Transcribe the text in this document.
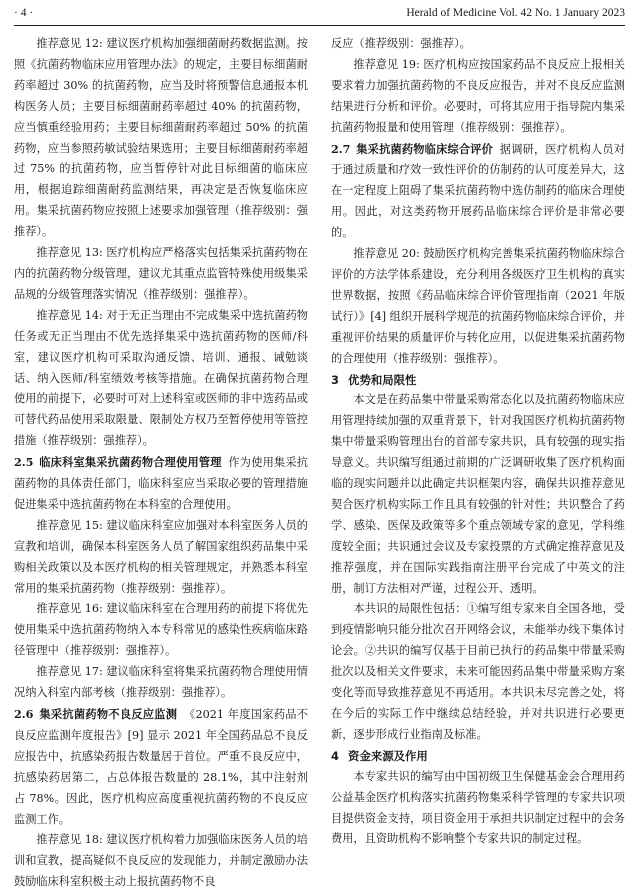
· 4 ·	Herald of Medicine Vol. 42 No. 1 January 2023

推荐意见 12: 建议医疗机构加强细菌耐药数据监测。按照《抗菌药物临床应用管理办法》的规定，主要目标细菌耐药率超过 30% 的抗菌药物，应当及时将预警信息通报本机构医务人员；主要目标细菌耐药率超过 40% 的抗菌药物，应当慎重经验用药；主要目标细菌耐药率超过 50% 的抗菌药物，应当参照药敏试验结果选用；主要目标细菌耐药率超过 75% 的抗菌药物，应当暂停针对此目标细菌的临床应用，根据追踪细菌耐药监测结果，再决定是否恢复临床应用。集采抗菌药物应按照上述要求加强管理（推荐级别：强推荐）。

推荐意见 13: 医疗机构应严格落实包括集采抗菌药物在内的抗菌药物分级管理，建议尤其重点监管特殊使用级集采品规的分级管理落实情况（推荐级别：强推荐）。

推荐意见 14: 对于无正当理由不完成集采中选抗菌药物任务或无正当理由不优先选择集采中选抗菌药物的医师/科室，建议医疗机构可采取沟通反馈、培训、通报、诫勉谈话、纳入医师/科室绩效考核等措施。在确保抗菌药物合理使用的前提下，必要时可对上述科室或医师的非中选药品或可替代药品使用采取限量、限制处方权乃至暂停使用等管控措施（推荐级别：强推荐）。

2.5 临床科室集采抗菌药物合理使用管理 作为使用集采抗菌药物的具体责任部门，临床科室应当采取必要的管理措施促进集采中选抗菌药物在本科室的合理使用。

推荐意见 15: 建议临床科室应加强对本科室医务人员的宣教和培训，确保本科室医务人员了解国家组织药品集中采购相关政策以及本医疗机构的相关管理规定，并熟悉本科室常用的集采抗菌药物（推荐级别：强推荐）。

推荐意见 16: 建议临床科室在合理用药的前提下将优先使用集采中选抗菌药物纳入本专科常见的感染性疾病临床路径管理中（推荐级别：强推荐）。

推荐意见 17: 建议临床科室将集采抗菌药物合理使用情况纳入科室内部考核（推荐级别：强推荐）。

2.6 集采抗菌药物不良反应监测 《2021 年度国家药品不良反应监测年度报告》[9] 显示 2021 年全国药品总不良反应报告中，抗感染药报告数量居于首位。严重不良反应中，抗感染药居第二，占总体报告数量的 28.1%，其中注射剂占 78%。因此，医疗机构应高度重视抗菌药物的不良反应监测工作。

推荐意见 18: 建议医疗机构着力加强临床医务人员的培训和宣教，提高疑似不良反应的发现能力，并制定激励办法鼓励临床科室积极主动上报抗菌药物不良

反应（推荐级别：强推荐）。

推荐意见 19: 医疗机构应按国家药品不良反应上报相关要求着力加强抗菌药物的不良反应报告，并对不良反应监测结果进行分析和评价。必要时，可将其应用于指导院内集采抗菌药物报量和使用管理（推荐级别：强推荐）。

2.7 集采抗菌药物临床综合评价 据调研，医疗机构人员对于通过质量和疗效一致性评价的仿制药的认可度差异大，这在一定程度上阻碍了集采抗菌药物中选仿制药的临床合理使用。因此，对这类药物开展药品临床综合评价是非常必要的。

推荐意见 20: 鼓励医疗机构完善集采抗菌药物临床综合评价的方法学体系建设，充分利用各级医疗卫生机构的真实世界数据，按照《药品临床综合评价管理指南（2021 年版试行）》[4] 组织开展科学规范的抗菌药物临床综合评价，并重视评价结果的质量评价与转化应用，以促进集采抗菌药物的合理使用（推荐级别：强推荐）。

3 优势和局限性

本文是在药品集中带量采购常态化以及抗菌药物临床应用管理持续加强的双重背景下，针对我国医疗机构抗菌药物集中带量采购管理出台的首部专家共识，具有较强的现实指导意义。共识编写组通过前期的广泛调研收集了医疗机构面临的现实问题并以此确定共识框架内容，确保共识推荐意见契合医疗机构实际工作且具有较强的针对性；共识整合了药学、感染、医保及政策等多个重点领域专家的意见，学科维度较全面；共识通过会议及专家投票的方式确定推荐意见及推荐强度，并在国际实践指南注册平台完成了中英文的注册，制订方法相对严谨，过程公开、透明。

本共识的局限性包括：①编写组专家来自全国各地，受到疫情影响只能分批次召开网络会议，未能举办线下集体讨论会。②共识的编写仅基于目前已执行的药品集中带量采购批次以及相关文件要求，未来可能因药品集中带量采购方案变化等而导致推荐意见不再适用。本共识未尽完善之处，将在今后的实际工作中继续总结经验，并对共识进行必要更新，逐步形成行业指南及标准。

4 资金来源及作用

本专家共识的编写由中国初级卫生保健基金会合理用药公益基金医疗机构落实抗菌药物集采科学管理的专家共识项目提供资金支持，项目资金用于承担共识制定过程中的会务费用，且资助机构不影响整个专家共识的制定过程。
